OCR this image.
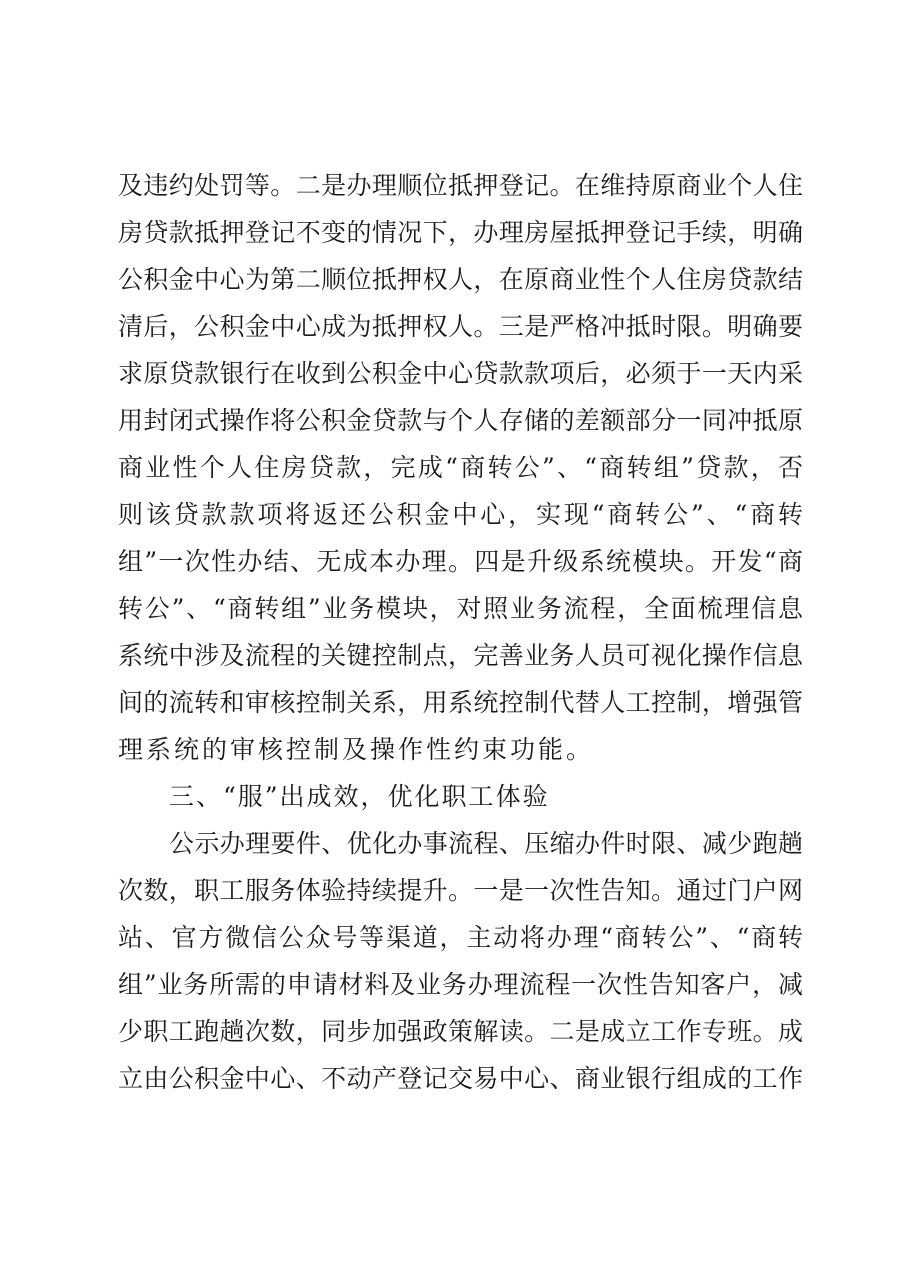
及违约处罚等。二是办理顺位抵押登记。在维持原商业个人住
房贷款抵押登记不变的情况下，办理房屋抵押登记手续，明确
公积金中心为第二顺位抵押权人，在原商业性个人住房贷款结
清后，公积金中心成为抵押权人。三是严格冲抵时限。明确要
求原贷款银行在收到公积金中心贷款款项后，必须于一天内采
用封闭式操作将公积金贷款与个人存储的差额部分一同冲抵原
商业性个人住房贷款，完成“商转公”、“商转组”贷款，否
则该贷款款项将返还公积金中心，实现“商转公”、“商转
组”一次性办结、无成本办理。四是升级系统模块。开发“商
转公”、“商转组”业务模块，对照业务流程，全面梳理信息
系统中涉及流程的关键控制点，完善业务人员可视化操作信息
间的流转和审核控制关系，用系统控制代替人工控制，增强管
理系统的审核控制及操作性约束功能。
三、“服”出成效，优化职工体验
公示办理要件、优化办事流程、压缩办件时限、减少跑趟
次数，职工服务体验持续提升。一是一次性告知。通过门户网
站、官方微信公众号等渠道，主动将办理“商转公”、“商转
组”业务所需的申请材料及业务办理流程一次性告知客户，减
少职工跑趟次数，同步加强政策解读。二是成立工作专班。成
立由公积金中心、不动产登记交易中心、商业银行组成的工作
